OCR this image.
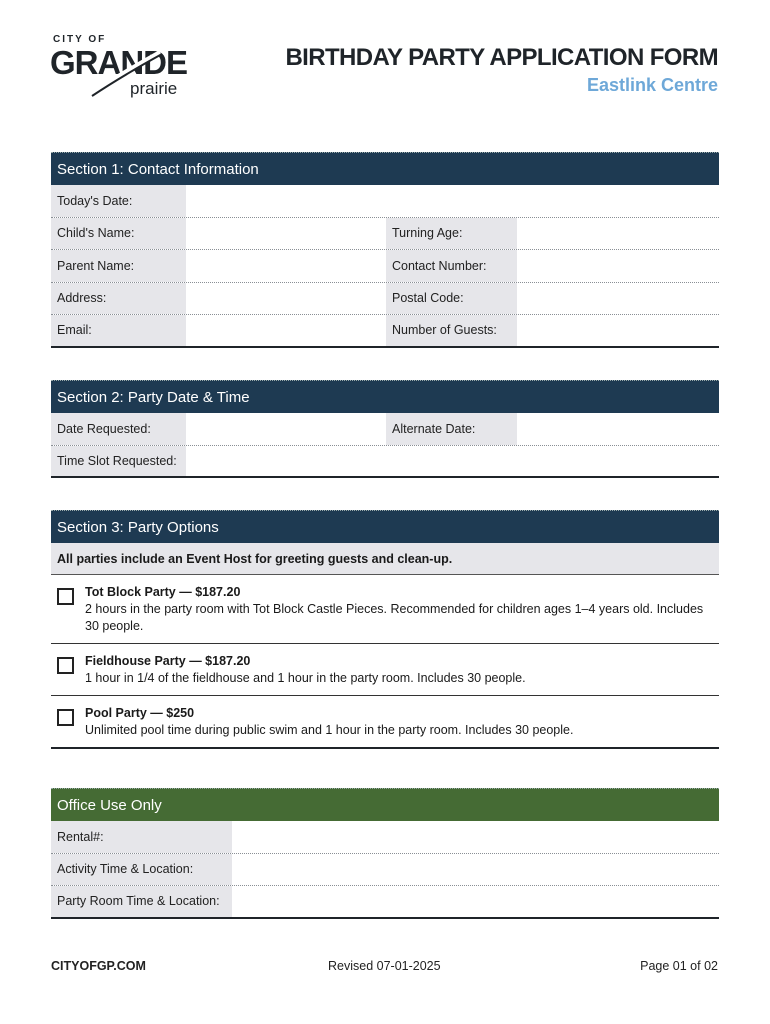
CITY OF
GRANDE
prairie
BIRTHDAY PARTY APPLICATION FORM
Eastlink Centre
Section 1: Contact Information
Today's Date:
Child's Name:	Turning Age:
Parent Name:	Contact Number:
Address:	Postal Code:
Email:	Number of Guests:
Section 2: Party Date & Time
Date Requested:	Alternate Date:
Time Slot Requested:
Section 3: Party Options
All parties include an Event Host for greeting guests and clean-up.
Tot Block Party — $187.20
2 hours in the party room with Tot Block Castle Pieces. Recommended for children ages 1–4 years old. Includes 30 people.
Fieldhouse Party — $187.20
1 hour in 1/4 of the fieldhouse and 1 hour in the party room. Includes 30 people.
Pool Party — $250
Unlimited pool time during public swim and 1 hour in the party room. Includes 30 people.
Office Use Only
Rental#:
Activity Time & Location:
Party Room Time & Location:
CITYOFGP.COM	Revised 07-01-2025	Page 01 of 02
